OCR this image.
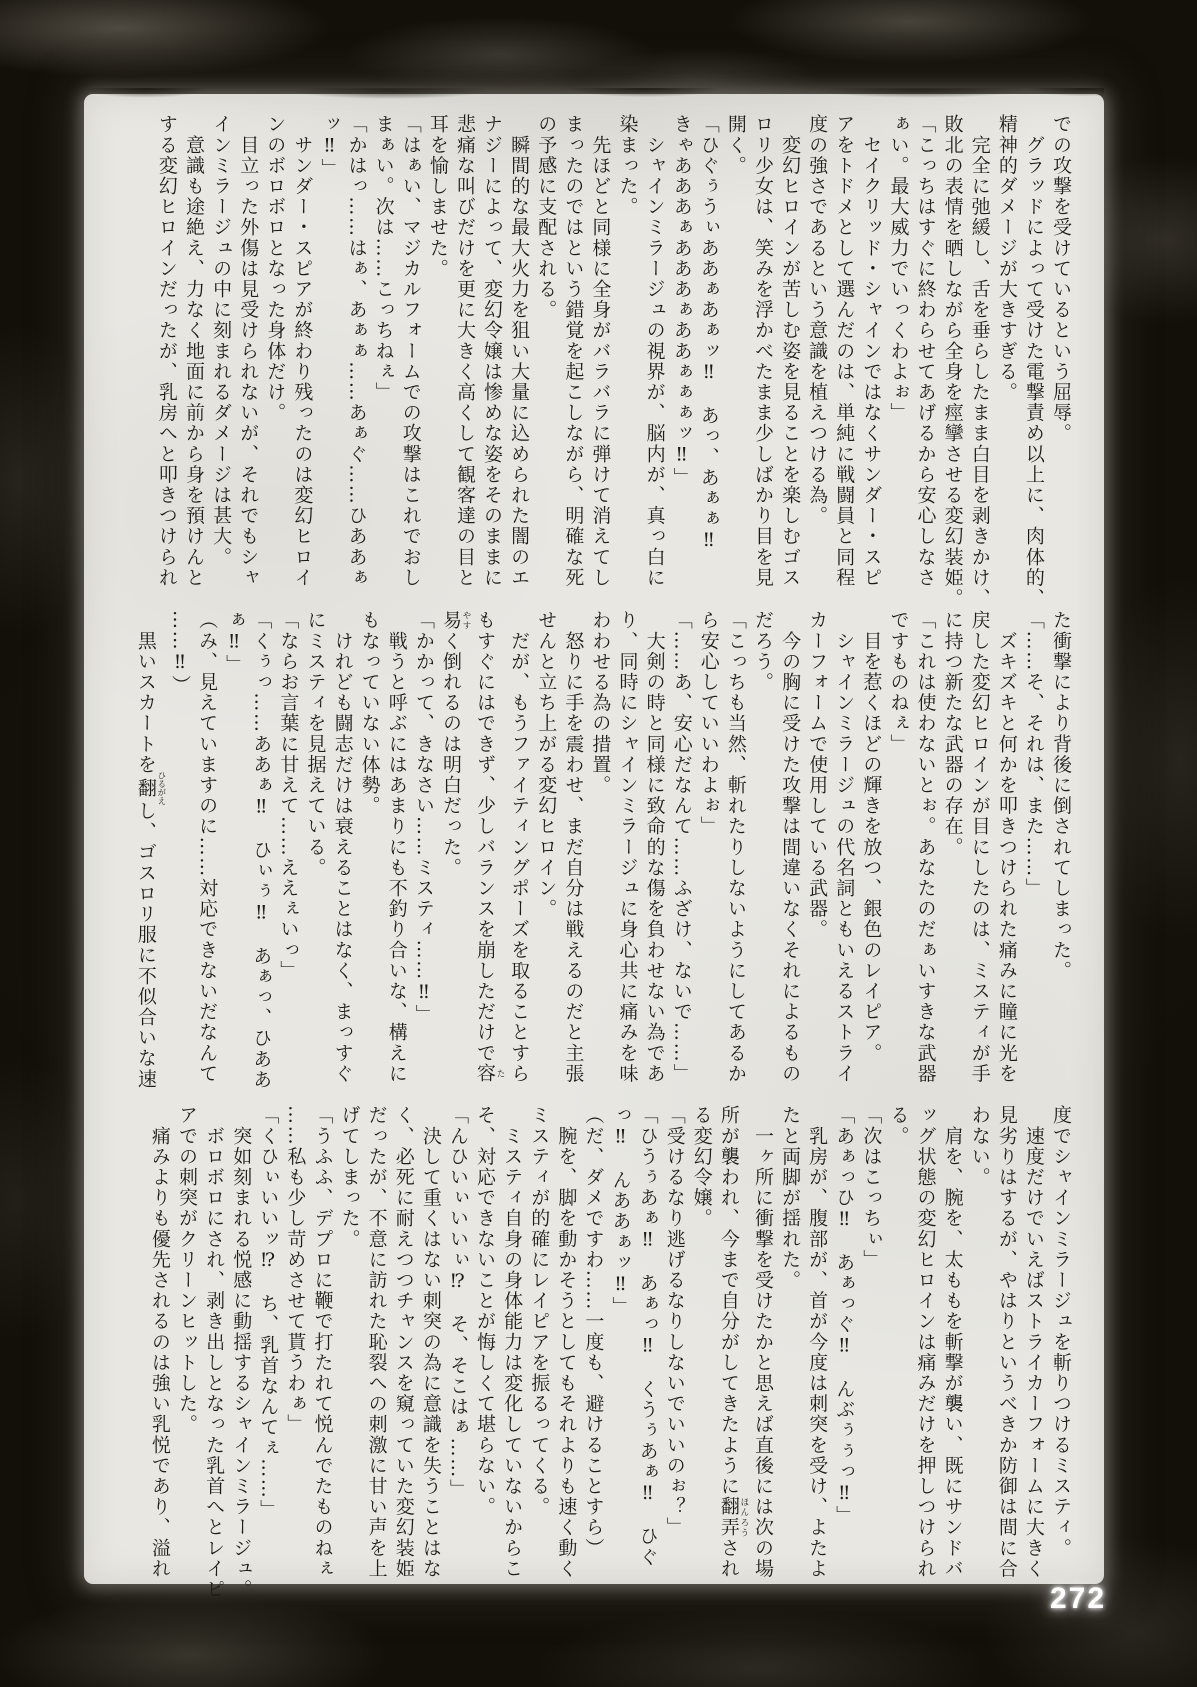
での攻撃を受けているという屈辱。

　グラッドによって受けた電撃責め以上に、肉体的、

精神的ダメージが大きすぎる。

　完全に弛緩し、舌を垂らしたまま白目を剥きかけ、

敗北の表情を晒しながら全身を痙攣させる変幻装姫。

「こっちはすぐに終わらせてあげるから安心しなさ

ぁい。最大威力でいっくわよぉ」

　セイクリッド・シャインではなくサンダー・スピ

アをトドメとして選んだのは、単純に戦闘員と同程

度の強さであるという意識を植えつける為。

　変幻ヒロインが苦しむ姿を見ることを楽しむゴス

ロリ少女は、笑みを浮かべたまま少しばかり目を見

開く。

「ひぐぅうぃああぁあぁッ‼　あっ、あぁぁ‼

きゃあああぁあああぁああぁぁぁッ‼」

　シャインミラージュの視界が、脳内が、真っ白に

染まった。

　先ほどと同様に全身がバラバラに弾けて消えてし

まったのではという錯覚を起こしながら、明確な死

の予感に支配される。

　瞬間的な最大火力を狙い大量に込められた闇のエ

ナジーによって、変幻令嬢は惨めな姿をそのままに

悲痛な叫びだけを更に大きく高くして観客達の目と

耳を愉しませた。

「はぁい、マジカルフォームでの攻撃はこれでおし

まぁい。次は……こっちねぇ」

「かはっ……はぁ、あぁぁ……あぁぐ……ひああぁ

ッ‼」

　サンダー・スピアが終わり残ったのは変幻ヒロイ

ンのボロボロとなった身体だけ。

　目立った外傷は見受けられないが、それでもシャ

インミラージュの中に刻まれるダメージは甚大。

　意識も途絶え、力なく地面に前から身を預けんと

する変幻ヒロインだったが、乳房へと叩きつけられ

た衝撃により背後に倒されてしまった。

「……そ、それは、また……」

　ズキズキと何かを叩きつけられた痛みに瞳に光を

戻した変幻ヒロインが目にしたのは、ミスティが手

に持つ新たな武器の存在。

「これは使わないとぉ。あなたのだぁいすきな武器

ですものねぇ」

　目を惹くほどの輝きを放つ、銀色のレイピア。

　シャインミラージュの代名詞ともいえるストライ

カーフォームで使用している武器。

　今の胸に受けた攻撃は間違いなくそれによるもの

だろう。

「こっちも当然、斬れたりしないようにしてあるか

ら安心していいわよぉ」

「……あ、安心だなんて……ふざけ、ないで……」

　大剣の時と同様に致命的な傷を負わせない為であ

り、同時にシャインミラージュに身心共に痛みを味

わわせる為の措置。

　怒りに手を震わせ、まだ自分は戦えるのだと主張

せんと立ち上がる変幻ヒロイン。

　だが、もうファイティングポーズを取ることすら

もすぐにはできず、少しバランスを崩しただけで容 た

易 やすく倒れるのは明白だった。

「かかって、きなさい……ミスティ……‼」

　戦うと呼ぶにはあまりにも不釣り合いな、構えに

もなっていない体勢。

　けれども闘志だけは衰えることはなく、まっすぐ

にミスティを見据えている。

「ならお言葉に甘えて……ええぇいっ」

「くぅっ……ああぁ‼　ひぃぅ‼　あぁっ、ひああ

ぁ‼」

（み、見えていますのに……対応できないだなんて

……‼）

　黒いスカートを翻 ひるがえし、ゴスロリ服に不似合いな速

度でシャインミラージュを斬りつけるミスティ。

　速度だけでいえばストライカーフォームに大きく

見劣りはするが、やはりというべきか防御は間に合

わない。

　肩を、腕を、太ももを斬撃が襲い、既にサンドバ

ッグ状態の変幻ヒロインは痛みだけを押しつけられ

る。

「次はこっちぃ」

「あぁっひ‼　あぁっぐ‼　んぶぅぅっ‼」

　乳房が、腹部が、首が今度は刺突を受け、よたよ

たと両脚が揺れた。

　一ヶ所に衝撃を受けたかと思えば直後には次の場

所が襲われ、今まで自分がしてきたように翻弄 ほんろうされ

る変幻令嬢。

「受けるなり逃げるなりしないでいいのぉ？」

「ひうぅあぁ‼　あぁっ‼　くうぅあぁ‼　ひぐ

っ‼　んああぁッ‼」

（だ、ダメですわ……一度も、避けることすら）

　腕を、脚を動かそうとしてもそれよりも速く動く

ミスティが的確にレイピアを振るってくる。

　ミスティ自身の身体能力は変化していないからこ

そ、対応できないことが悔しくて堪らない。

「んひいぃいいぃ⁉　そ、そこはぁ……」

　決して重くはない刺突の為に意識を失うことはな

く、必死に耐えつつチャンスを窺っていた変幻装姫

だったが、不意に訪れた恥裂への刺激に甘い声を上

げてしまった。

「うふふ、デプロに鞭で打たれて悦んでたものねぇ

……私も少し苛めさせて貰うわぁ」

「くひぃいいッ⁉　ち、乳首なんてぇ……」

　突如刻まれる悦感に動揺するシャインミラージュ。

　ボロボロにされ、剥き出しとなった乳首へとレイピ

アでの刺突がクリーンヒットした。

　痛みよりも優先されるのは強い乳悦であり、溢れ

272
